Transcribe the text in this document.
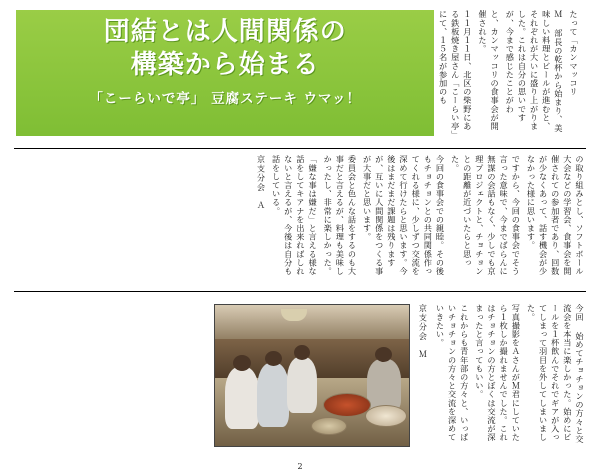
１１月１１日、北区の柴野にある鉄板焼き屋さん「こーらい亭」にて、１５名が参加のも	と、カンマッコリの食事会が開催された。	Ｍ 部長の乾杯から始まり、美味しい料理とビールが進むと、それぞれが大いに盛り上がりました。これは自分の思いですが、今まで感じたことがわ	たって「カンマッコリ
団結とは人間関係の
構築から始まる
「こーらいで亭」 豆腐ステーキ ウマッ！
の取り組みとし、ソフトボール大会などの学習会、食事会を開催されての参加者であり、回数が少なくあって、話す機会が少なかった様に思います。
ですから、今回の食事会でそう言った意味で、今までばらんに無謀の会話もなく、少しでも京理プロジェクトと、チョチョンとの距離が近づいたらと思った。
今回の食事会での親睦。その後もチョチョンとの共同関係作ってくれる様に、少しずつ交流を深めて行けたらと思います。今後はまだまだ課題は残りますが、互いに人間関係をつくる事が大事だと思います。
委員会と色んな話をするのも大事だと言えるが、料理も美味しかったし、非常に楽しかった。
「嫌な事は嫌だ」と言える様な話をしてキアナを出来ればしれないと言えるが、今後は自分も話をしている。
京支分会　Ａ
今回 始めてチョチョンの方々と交流会を本当に楽しかった。始めにビールを１杯飲んでそれでギアが入ってしまって羽目を外してしまいました。
写真撮影をＡさんがＭ君にしていたら１枚しか撮れませんでした。これはチョチョンの方とぼくは交流が深まったと言ってもいい。
これからも青年部の方々と、いっぱいチョチョンの方々と交流を深めていきたい。
京支分会　Ｍ
2
